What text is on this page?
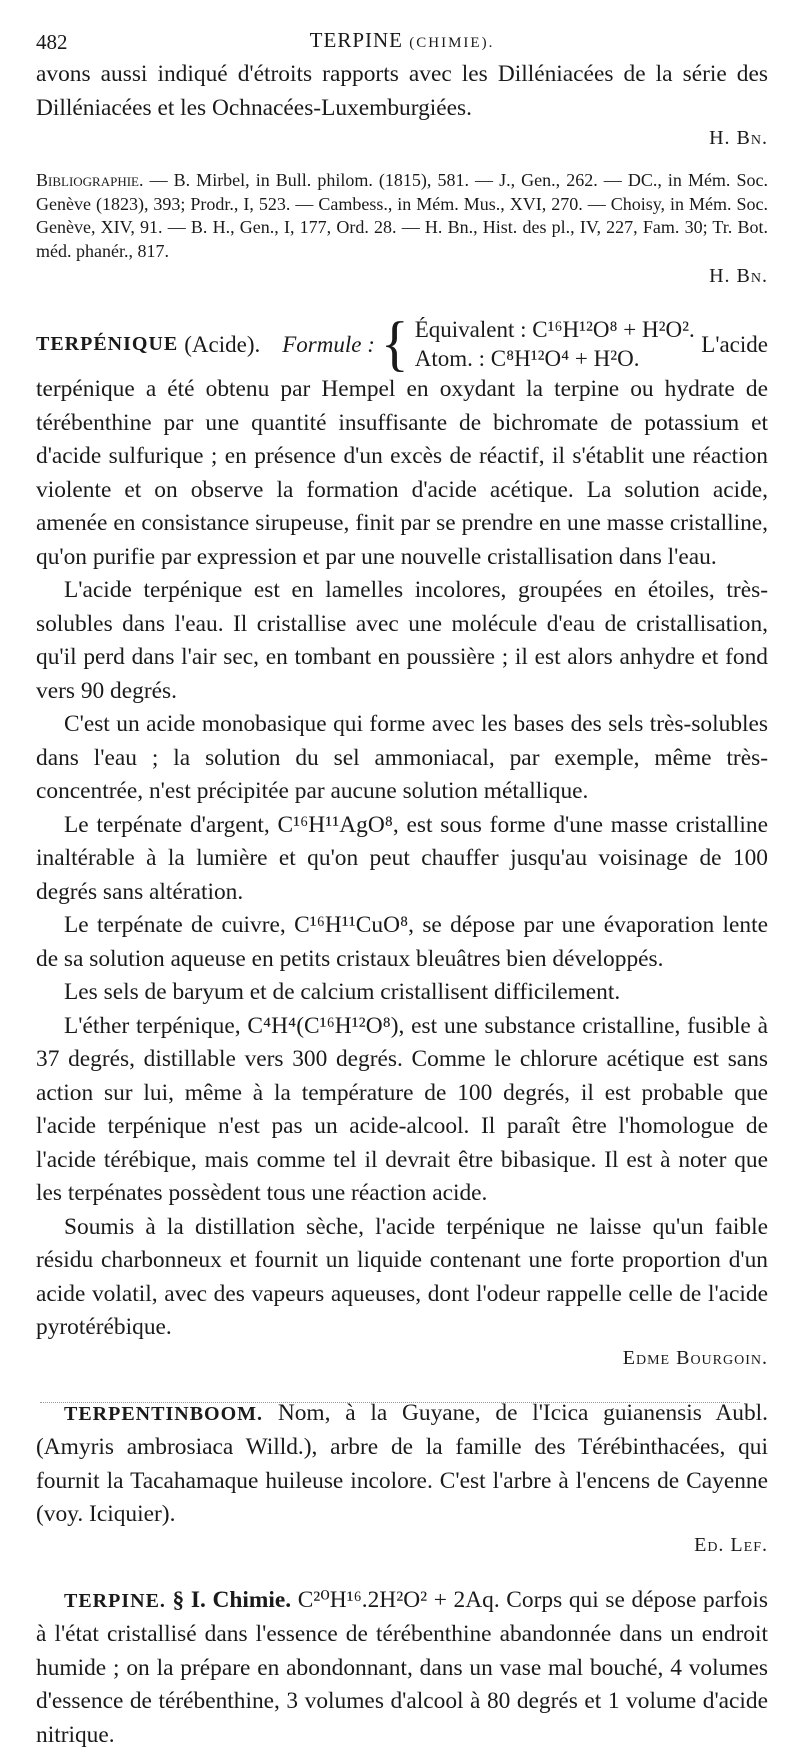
482	TERPINE (CHIMIE).

avons aussi indiqué d'étroits rapports avec les Dilléniacées de la série des Dilléniacées et les Ochnacées-Luxemburgiées.

H. Bn.
Bibliographie. — B. Mirbel, in Bull. philom. (1815), 581. — J., Gen., 262. — DC., in Mém. Soc. Genève (1823), 393; Prodr., I, 523. — Cambess., in Mém. Mus., XVI, 270. — Choisy, in Mém. Soc. Genève, XIV, 91. — B. H., Gen., I, 177, Ord. 28. — H. Bn., Hist. des pl., IV, 227, Fam. 30; Tr. Bot. méd. phanér., 817.
H. Bn.
TERPÉNIQUE (Acide). Formule : { Équivalent : C¹⁶H¹²O⁸ + H²O².
Atom. : C⁸H¹²O⁴ + H²O.
L'acide

terpénique a été obtenu par Hempel en oxydant la terpine ou hydrate de térébenthine par une quantité insuffisante de bichromate de potassium et d'acide sulfurique ; en présence d'un excès de réactif, il s'établit une réaction violente et on observe la formation d'acide acétique. La solution acide, amenée en consistance sirupeuse, finit par se prendre en une masse cristalline, qu'on purifie par expression et par une nouvelle cristallisation dans l'eau.

L'acide terpénique est en lamelles incolores, groupées en étoiles, très-solubles dans l'eau. Il cristallise avec une molécule d'eau de cristallisation, qu'il perd dans l'air sec, en tombant en poussière ; il est alors anhydre et fond vers 90 degrés.

C'est un acide monobasique qui forme avec les bases des sels très-solubles dans l'eau ; la solution du sel ammoniacal, par exemple, même très-concentrée, n'est précipitée par aucune solution métallique.

Le terpénate d'argent, C¹⁶H¹¹AgO⁸, est sous forme d'une masse cristalline inaltérable à la lumière et qu'on peut chauffer jusqu'au voisinage de 100 degrés sans altération.

Le terpénate de cuivre, C¹⁶H¹¹CuO⁸, se dépose par une évaporation lente de sa solution aqueuse en petits cristaux bleuâtres bien développés.

Les sels de baryum et de calcium cristallisent difficilement.

L'éther terpénique, C⁴H⁴(C¹⁶H¹²O⁸), est une substance cristalline, fusible à 37 degrés, distillable vers 300 degrés. Comme le chlorure acétique est sans action sur lui, même à la température de 100 degrés, il est probable que l'acide terpénique n'est pas un acide-alcool. Il paraît être l'homologue de l'acide térébique, mais comme tel il devrait être bibasique. Il est à noter que les terpénates possèdent tous une réaction acide.

Soumis à la distillation sèche, l'acide terpénique ne laisse qu'un faible résidu charbonneux et fournit un liquide contenant une forte proportion d'un acide volatil, avec des vapeurs aqueuses, dont l'odeur rappelle celle de l'acide pyrotérébique.

Edme Bourgoin.

TERPENTINBOOM. Nom, à la Guyane, de l'Icica guianensis Aubl. (Amyris ambrosiaca Willd.), arbre de la famille des Térébinthacées, qui fournit la Tacahamaque huileuse incolore. C'est l'arbre à l'encens de Cayenne (voy. Iciquier).

Ed. Lef.

TERPINE. § I. Chimie. C²⁰H¹⁶.2H²O² + 2Aq. Corps qui se dépose parfois à l'état cristallisé dans l'essence de térébenthine abandonnée dans un endroit humide ; on la prépare en abondonnant, dans un vase mal bouché, 4 volumes d'essence de térébenthine, 3 volumes d'alcool à 80 degrés et 1 volume d'acide nitrique.
